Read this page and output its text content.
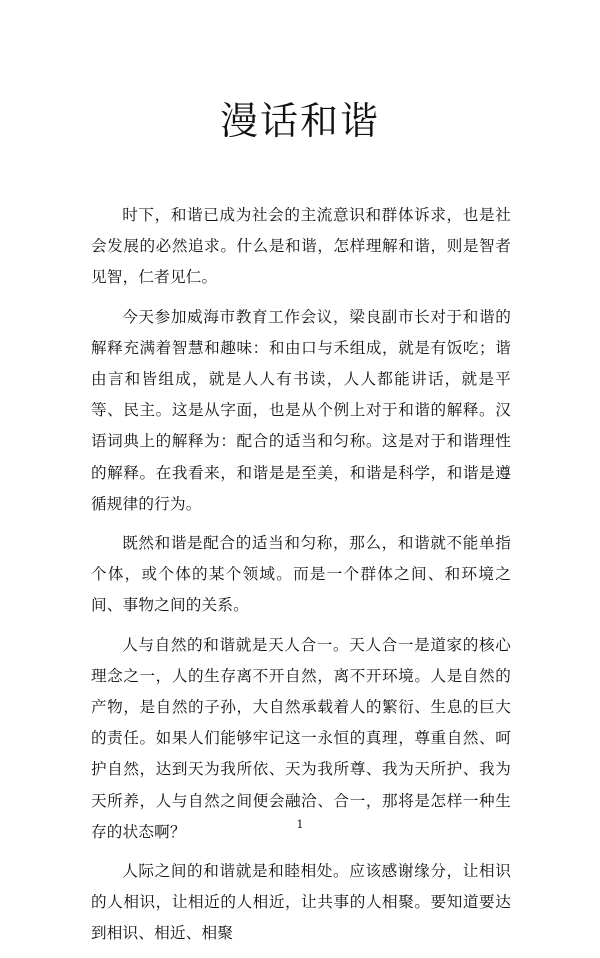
漫话和谐

时下，和谐已成为社会的主流意识和群体诉求，也是社会发展的必然追求。什么是和谐，怎样理解和谐，则是智者见智，仁者见仁。

今天参加威海市教育工作会议，梁良副市长对于和谐的解释充满着智慧和趣味：和由口与禾组成，就是有饭吃；谐由言和皆组成，就是人人有书读，人人都能讲话，就是平等、民主。这是从字面，也是从个例上对于和谐的解释。汉语词典上的解释为：配合的适当和匀称。这是对于和谐理性的解释。在我看来，和谐是是至美，和谐是科学，和谐是遵循规律的行为。

既然和谐是配合的适当和匀称，那么，和谐就不能单指个体，或个体的某个领域。而是一个群体之间、和环境之间、事物之间的关系。

人与自然的和谐就是天人合一。天人合一是道家的核心理念之一，人的生存离不开自然，离不开环境。人是自然的产物，是自然的子孙，大自然承载着人的繁衍、生息的巨大的责任。如果人们能够牢记这一永恒的真理，尊重自然、呵护自然，达到天为我所依、天为我所尊、我为天所护、我为天所养，人与自然之间便会融洽、合一，那将是怎样一种生存的状态啊？

人际之间的和谐就是和睦相处。应该感谢缘分，让相识的人相识，让相近的人相近，让共事的人相聚。要知道要达到相识、相近、相聚

1
